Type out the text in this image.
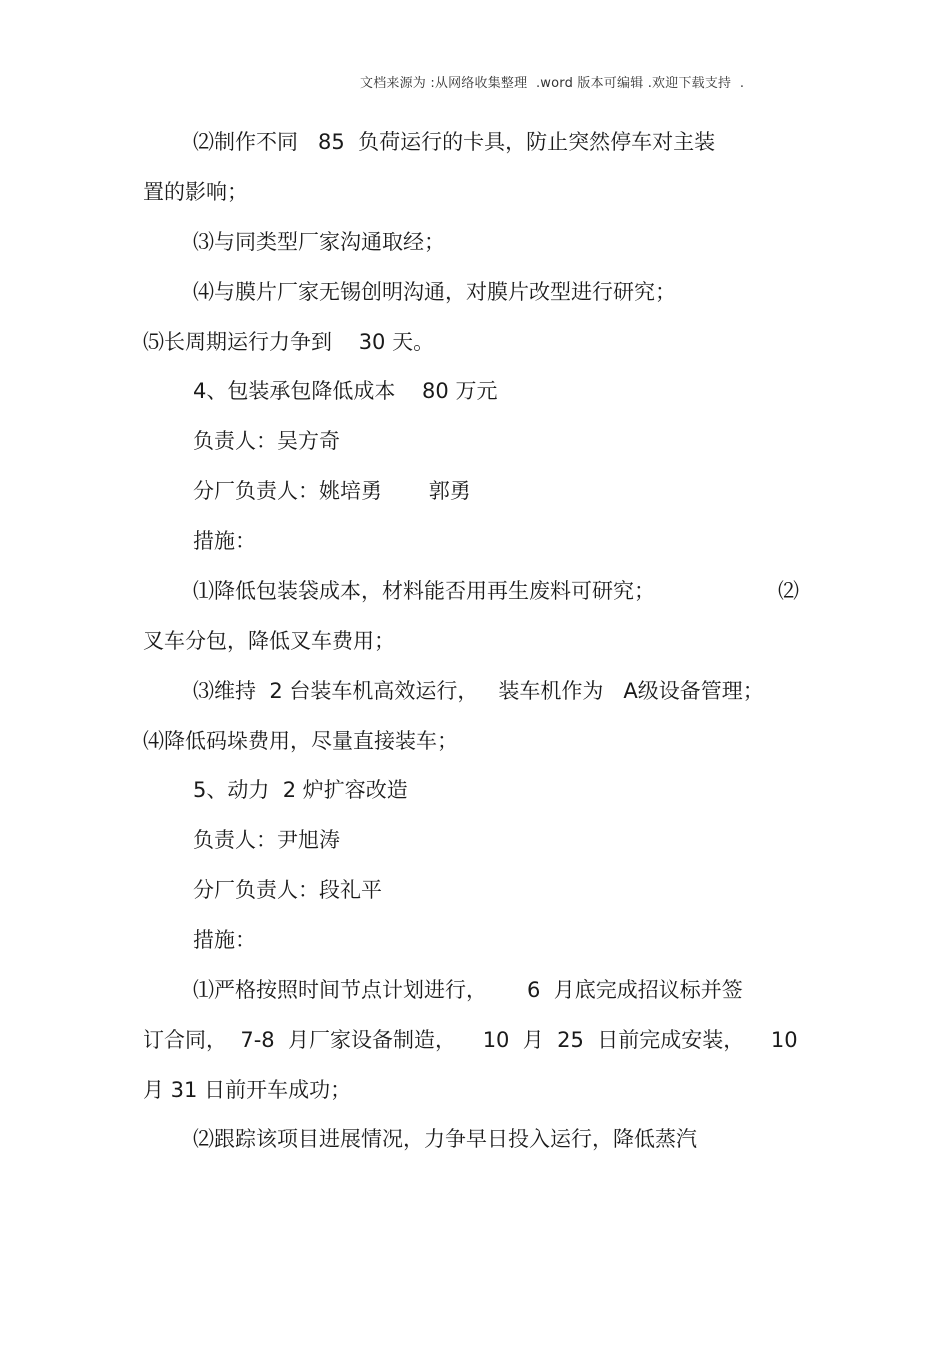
文档来源为 :从网络收集整理  .word 版本可编辑 .欢迎下载支持  .
⑵制作不同   85  负荷运行的卡具，防止突然停车对主装
置的影响；
⑶与同类型厂家沟通取经；
⑷与膜片厂家无锡创明沟通，对膜片改型进行研究；
⑸长周期运行力争到    30 天。
4、包装承包降低成本    80 万元
负责人：吴方奇
分厂负责人：姚培勇       郭勇
措施：
⑴降低包装袋成本，材料能否用再生废料可研究；	⑵
叉车分包，降低叉车费用；
⑶维持  2 台装车机高效运行，   装车机作为   A级设备管理；
⑷降低码垛费用，尽量直接装车；
5、动力  2 炉扩容改造
负责人：尹旭涛
分厂负责人：段礼平
措施：
⑴严格按照时间节点计划进行，      6  月底完成招议标并签
订合同，  7-8  月厂家设备制造，    10  月  25  日前完成安装，    10
月 31 日前开车成功；
⑵跟踪该项目进展情况，力争早日投入运行，降低蒸汽
